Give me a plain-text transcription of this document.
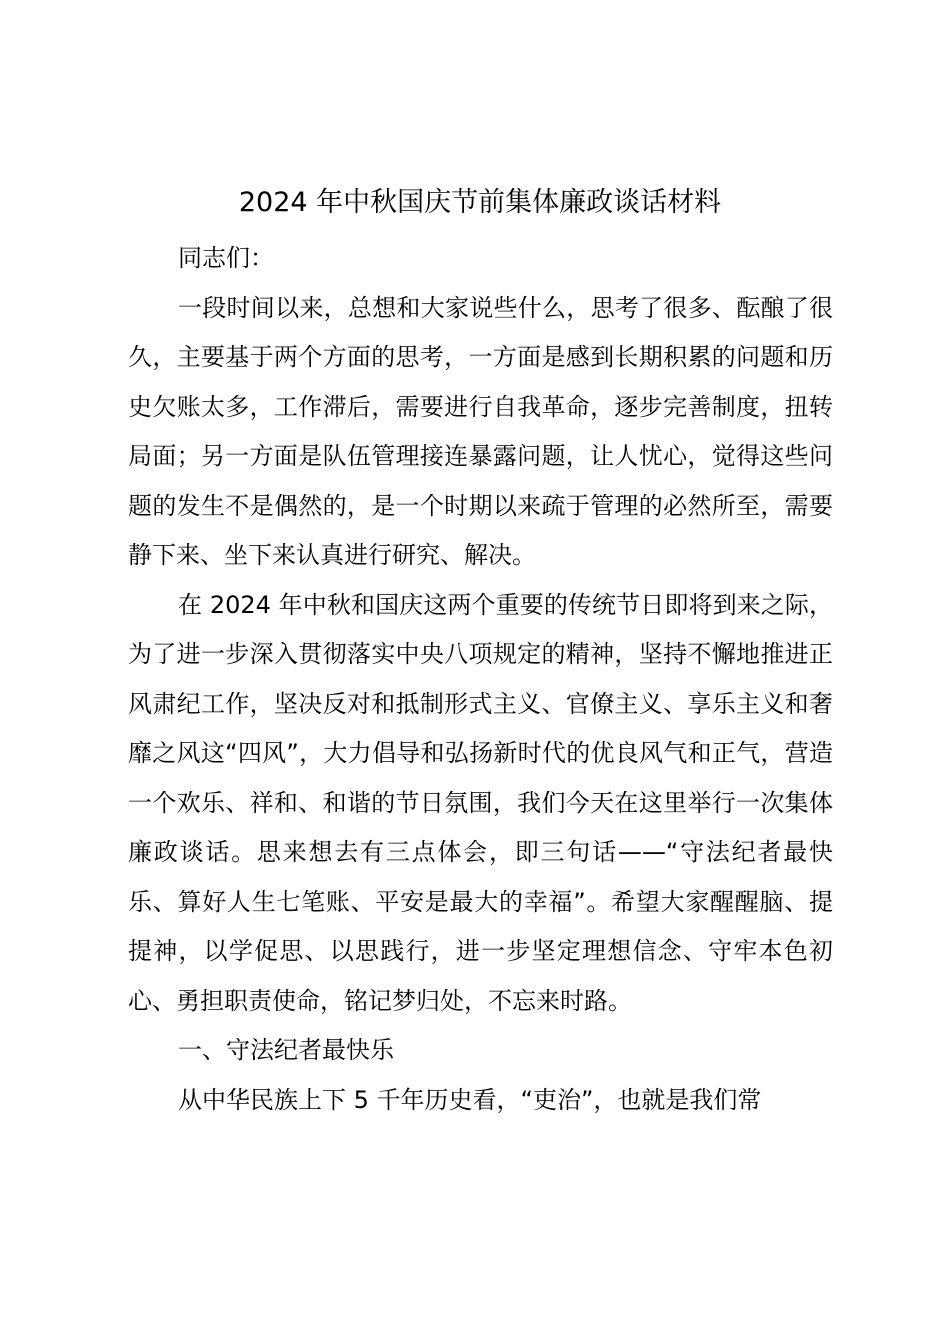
2024 年中秋国庆节前集体廉政谈话材料

同志们：

一段时间以来，总想和大家说些什么，思考了很多、酝酿了很久，主要基于两个方面的思考，一方面是感到长期积累的问题和历史欠账太多，工作滞后，需要进行自我革命，逐步完善制度，扭转局面；另一方面是队伍管理接连暴露问题，让人忧心，觉得这些问题的发生不是偶然的，是一个时期以来疏于管理的必然所至，需要静下来、坐下来认真进行研究、解决。

在 2024 年中秋和国庆这两个重要的传统节日即将到来之际，为了进一步深入贯彻落实中央八项规定的精神，坚持不懈地推进正风肃纪工作，坚决反对和抵制形式主义、官僚主义、享乐主义和奢靡之风这“四风”，大力倡导和弘扬新时代的优良风气和正气，营造一个欢乐、祥和、和谐的节日氛围，我们今天在这里举行一次集体廉政谈话。思来想去有三点体会，即三句话——“守法纪者最快乐、算好人生七笔账、平安是最大的幸福”。希望大家醒醒脑、提提神，以学促思、以思践行，进一步坚定理想信念、守牢本色初心、勇担职责使命，铭记梦归处，不忘来时路。

一、守法纪者最快乐

从中华民族上下 5 千年历史看，“吏治”，也就是我们常
